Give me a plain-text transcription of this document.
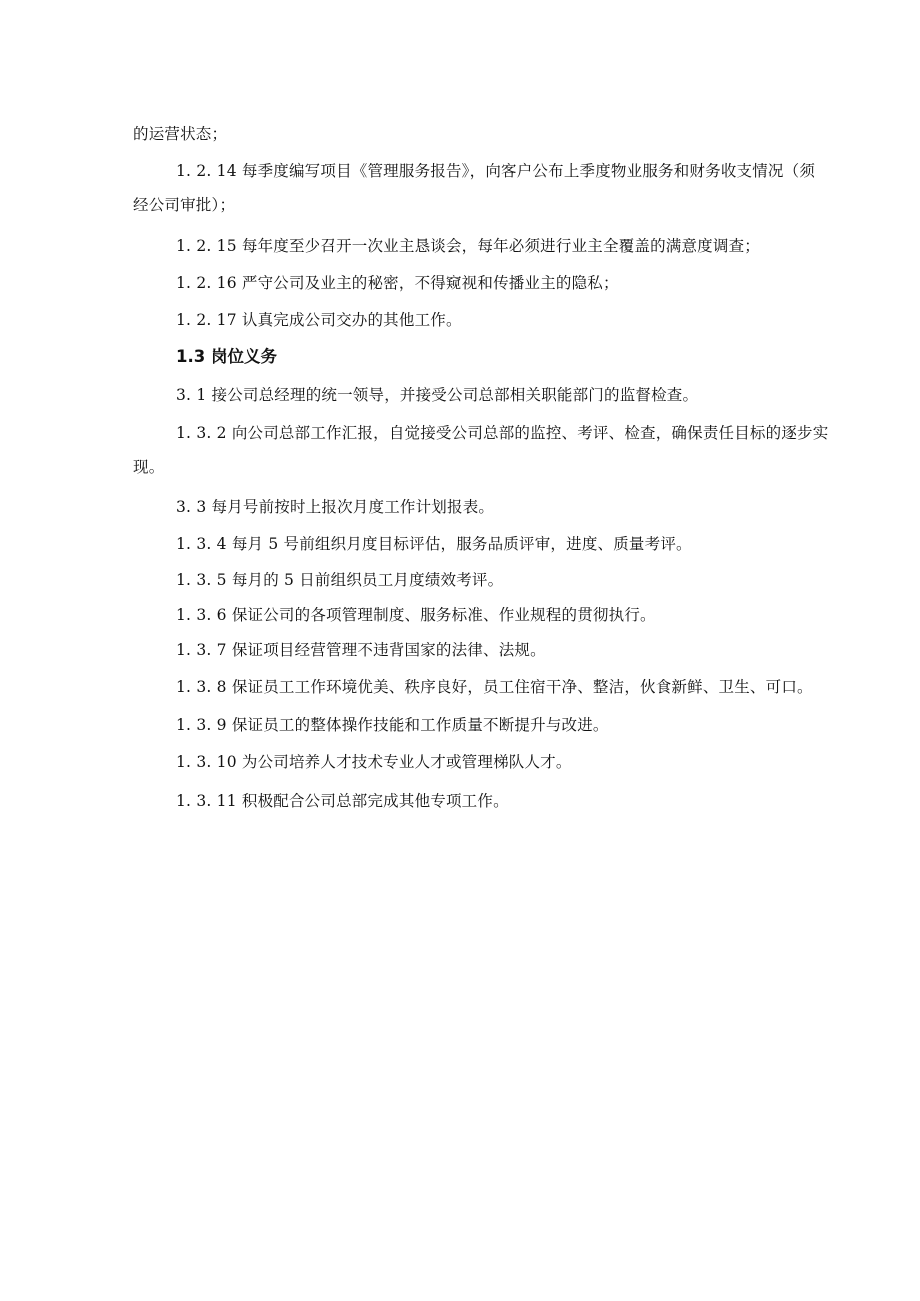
的运营状态；
1. 2. 14 每季度编写项目《管理服务报告》，向客户公布上季度物业服务和财务收支情况（须
经公司审批）；
1. 2. 15 每年度至少召开一次业主恳谈会，每年必须进行业主全覆盖的满意度调查；
1. 2. 16 严守公司及业主的秘密，不得窥视和传播业主的隐私；
1. 2. 17 认真完成公司交办的其他工作。
1.3 岗位义务
3. 1 接公司总经理的统一领导，并接受公司总部相关职能部门的监督检查。
1. 3. 2 向公司总部工作汇报，自觉接受公司总部的监控、考评、检查，确保责任目标的逐步实
现。
3. 3 每月号前按时上报次月度工作计划报表。
1. 3. 4 每月 5 号前组织月度目标评估，服务品质评审，进度、质量考评。
1. 3. 5 每月的 5 日前组织员工月度绩效考评。
1. 3. 6 保证公司的各项管理制度、服务标准、作业规程的贯彻执行。
1. 3. 7 保证项目经营管理不违背国家的法律、法规。
1. 3. 8 保证员工工作环境优美、秩序良好，员工住宿干净、整洁，伙食新鲜、卫生、可口。
1. 3. 9 保证员工的整体操作技能和工作质量不断提升与改进。
1. 3. 10 为公司培养人才技术专业人才或管理梯队人才。
1. 3. 11 积极配合公司总部完成其他专项工作。
